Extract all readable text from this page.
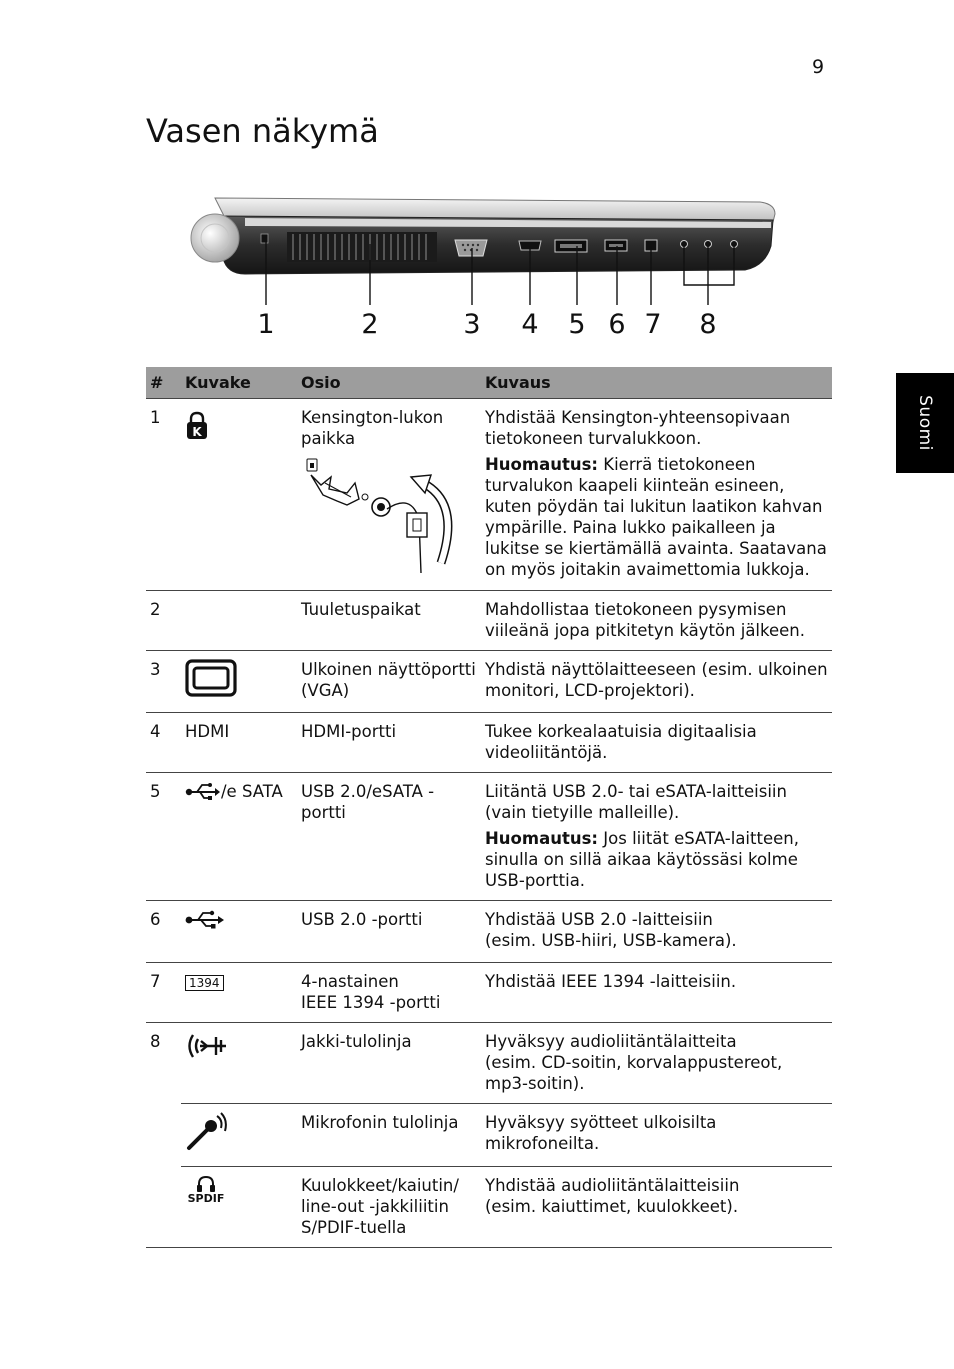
9
Vasen näkymä
Suomi
1	2	3 4 5 6 7 8
#	Kuvake	Osio	Kuvaus
1	K	Kensington-lukon paikka	Yhdistää Kensington-yhteensopivaan tietokoneen turvalukkoon.
Huomautus: Kierrä tietokoneen turvalukon kaapeli kiinteän esineen, kuten pöydän tai lukitun laatikon kahvan ympärille. Paina lukko paikalleen ja lukitse se kiertämällä avainta. Saatavana on myös joitakin avaimettomia lukkoja.

2		Tuuletuspaikat	Mahdollistaa tietokoneen pysymisen viileänä jopa pitkitetyn käytön jälkeen.
3		Ulkoinen näyttöportti (VGA)	Yhdistä näyttölaitteeseen (esim. ulkoinen monitori, LCD-projektori).
4	HDMI	HDMI-portti	Tukee korkealaatuisia digitaalisia videoliitäntöjä.
5	/e SATA	USB 2.0/eSATA -portti	Liitäntä USB 2.0- tai eSATA-laitteisiin (vain tietyille malleille).
Huomautus: Jos liität eSATA-laitteen, sinulla on sillä aikaa käytössäsi kolme USB-porttia.

6		USB 2.0 -portti	Yhdistää USB 2.0 -laitteisiin
(esim. USB-hiiri, USB-kamera).

7	1394	4-nastainen
IEEE 1394 -portti	Yhdistää IEEE 1394 -laitteisiin.
8		Jakki-tulolinja	Hyväksyy audioliitäntälaitteita
(esim. CD-soitin, korvalappustereot, mp3-soitin).

		Mikrofonin tulolinja	Hyväksyy syötteet ulkoisilta mikrofoneilta.

	SPDIF	Kuulokkeet/kaiutin/ line-out -jakkiliitin S/PDIF-tuella	Yhdistää audioliitäntälaitteisiin
(esim. kaiuttimet, kuulokkeet).
